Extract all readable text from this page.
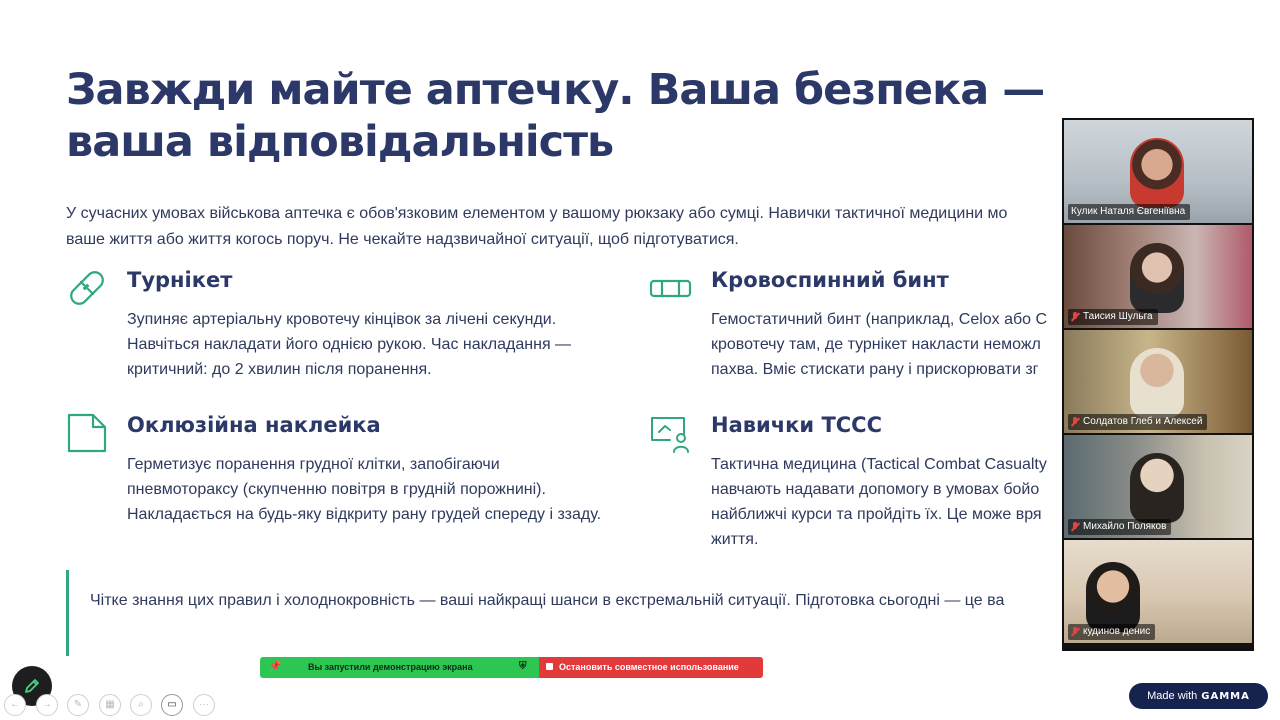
Завжди майте аптечку. Ваша безпека —
ваша відповідальність
У сучасних умовах військова аптечка є обов'язковим елементом у вашому рюкзаку або сумці. Навички тактичної медицини мо
ваше життя або життя когось поруч. Не чекайте надзвичайної ситуації, щоб підготуватися.
Турнікет
Зупиняє артеріальну кровотечу кінцівок за лічені секунди.
Навчіться накладати його однією рукою. Час накладання —
критичний: до 2 хвилин після поранення.
Кровоспинний бинт
Гемостатичний бинт (наприклад, Celox або C
кровотечу там, де турнікет накласти неможл
пахва. Вміє стискати рану і прискорювати зг
Оклюзійна наклейка
Герметизує поранення грудної клітки, запобігаючи
пневмотораксу (скупченню повітря в грудній порожнині).
Накладається на будь-яку відкриту рану грудей спереду і ззаду.
Навички TCCC
Тактична медицина (Tactical Combat Casualty
навчають надавати допомогу в умовах бойо
найближчі курси та пройдіть їх. Це може вря
життя.
Чітке знання цих правил і холоднокровність — ваші найкращі шанси в екстремальній ситуації. Підготовка сьогодні — це ва
Кулик Наталя Євгеніївна
Таисия Шульга
Солдатов Глеб и Алексей
Михайло Поляков
кудинов денис
📌	Вы запустили демонстрацию экрана	⛨	Остановить совместное использование
←	→	✎	▦	⌕	▭	···
Made with GAMMA
